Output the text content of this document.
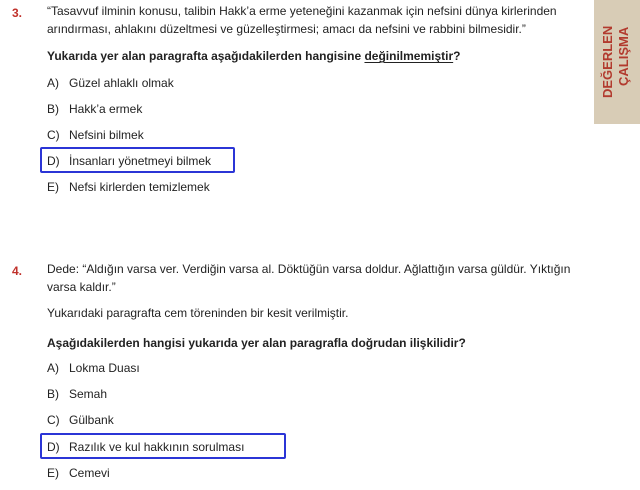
DEĞERLEN ÇALIŞMA
3. “Tasavvuf ilminin konusu, talibin Hakk’a erme yeteneğini kazanmak için nefsini dünya kirlerinden
arındırması, ahlakını düzeltmesi ve güzelleştirmesi; amacı da nefsini ve rabbini bilmesidir.”
Yukarıda yer alan paragrafta aşağıdakilerden hangisine değinilmemiştir?
A) Güzel ahlaklı olmak
B) Hakk’a ermek
C) Nefsini bilmek
D) İnsanları yönetmeyi bilmek
E) Nefsi kirlerden temizlemek
4. Dede: “Aldığın varsa ver. Verdiğin varsa al. Döktüğün varsa doldur. Ağlattığın varsa güldür. Yıktığın
varsa kaldır.”
Yukarıdaki paragrafta cem töreninden bir kesit verilmiştir.
Aşağıdakilerden hangisi yukarıda yer alan paragrafla doğrudan ilişkilidir?
A) Lokma Duası
B) Semah
C) Gülbank
D) Razılık ve kul hakkının sorulması
E) Cemevi
